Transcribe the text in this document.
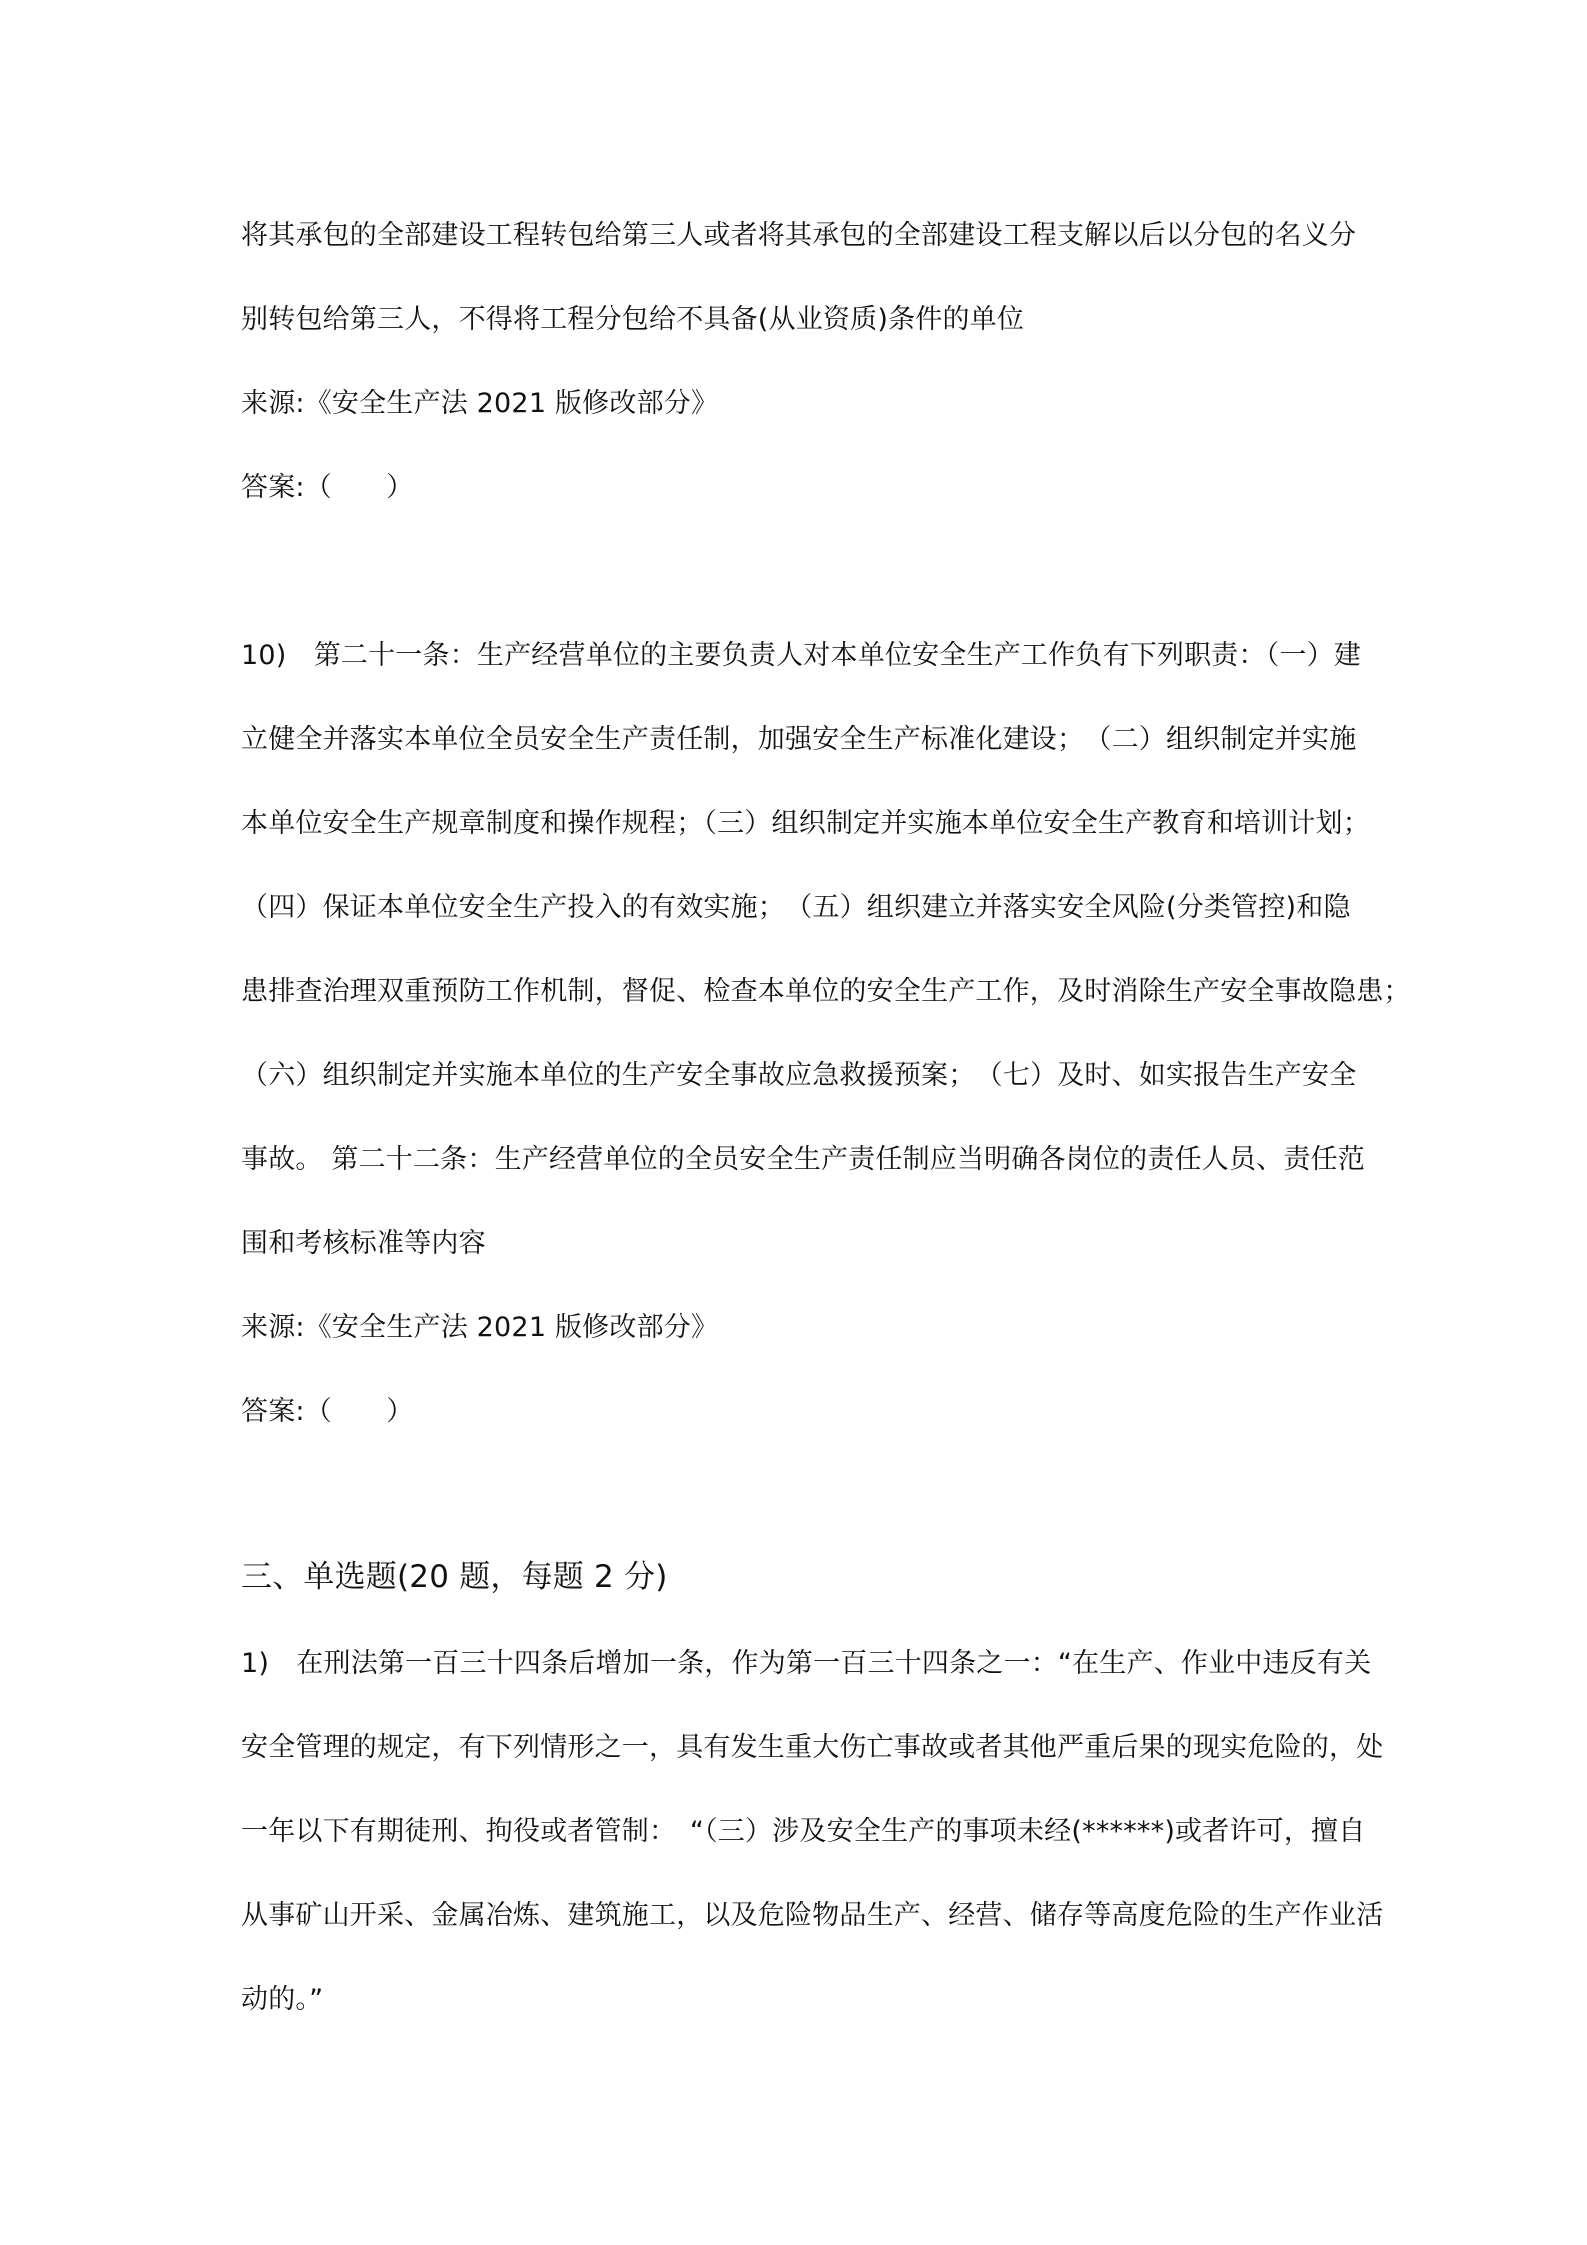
将其承包的全部建设工程转包给第三人或者将其承包的全部建设工程支解以后以分包的名义分
别转包给第三人，不得将工程分包给不具备(从业资质)条件的单位
来源:《安全生产法 2021 版修改部分》
答案:（　　）
10)　第二十一条：生产经营单位的主要负责人对本单位安全生产工作负有下列职责：（一）建
立健全并落实本单位全员安全生产责任制，加强安全生产标准化建设；　（二）组织制定并实施
本单位安全生产规章制度和操作规程；（三）组织制定并实施本单位安全生产教育和培训计划；
（四）保证本单位安全生产投入的有效实施；　（五）组织建立并落实安全风险(分类管控)和隐
患排查治理双重预防工作机制，督促、检查本单位的安全生产工作，及时消除生产安全事故隐患；
（六）组织制定并实施本单位的生产安全事故应急救援预案；　（七）及时、如实报告生产安全
事故。 第二十二条：生产经营单位的全员安全生产责任制应当明确各岗位的责任人员、责任范
围和考核标准等内容
来源:《安全生产法 2021 版修改部分》
答案:（　　）
三、单选题(20 题，每题 2 分)
1)　在刑法第一百三十四条后增加一条，作为第一百三十四条之一：“在生产、作业中违反有关
安全管理的规定，有下列情形之一，具有发生重大伤亡事故或者其他严重后果的现实危险的，处
一年以下有期徒刑、拘役或者管制：　“（三）涉及安全生产的事项未经(******)或者许可，擅自
从事矿山开采、金属冶炼、建筑施工，以及危险物品生产、经营、储存等高度危险的生产作业活
动的。”
